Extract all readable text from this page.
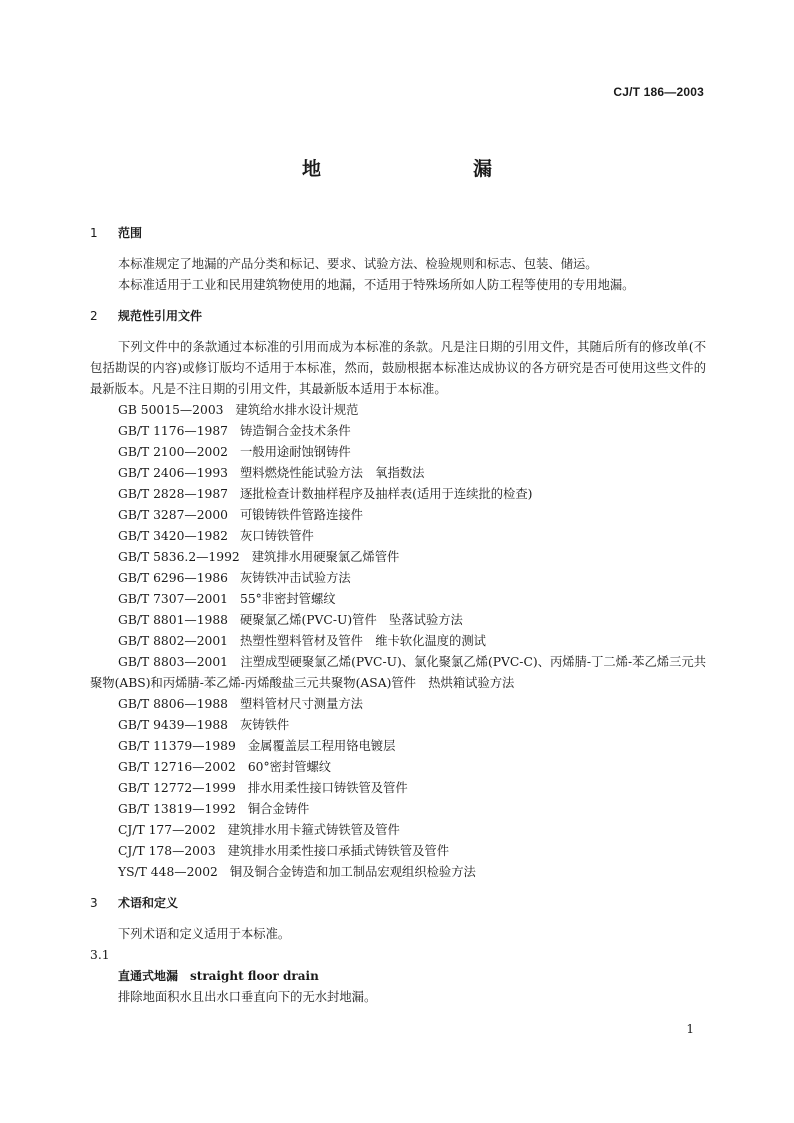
CJ/T 186—2003
地　　漏
1 范围

本标准规定了地漏的产品分类和标记、要求、试验方法、检验规则和标志、包装、储运。

本标准适用于工业和民用建筑物使用的地漏，不适用于特殊场所如人防工程等使用的专用地漏。

2 规范性引用文件

下列文件中的条款通过本标准的引用而成为本标准的条款。凡是注日期的引用文件，其随后所有的修改单(不包括勘误的内容)或修订版均不适用于本标准，然而，鼓励根据本标准达成协议的各方研究是否可使用这些文件的最新版本。凡是不注日期的引用文件，其最新版本适用于本标准。

GB 50015—2003 建筑给水排水设计规范

GB/T 1176—1987 铸造铜合金技术条件

GB/T 2100—2002 一般用途耐蚀钢铸件

GB/T 2406—1993 塑料燃烧性能试验方法　氧指数法

GB/T 2828—1987 逐批检查计数抽样程序及抽样表(适用于连续批的检查)

GB/T 3287—2000 可锻铸铁件管路连接件

GB/T 3420—1982 灰口铸铁管件

GB/T 5836.2—1992 建筑排水用硬聚氯乙烯管件

GB/T 6296—1986 灰铸铁冲击试验方法

GB/T 7307—2001 55°非密封管螺纹

GB/T 8801—1988 硬聚氯乙烯(PVC-U)管件　坠落试验方法

GB/T 8802—2001 热塑性塑料管材及管件　维卡软化温度的测试

GB/T 8803—2001　注塑成型硬聚氯乙烯(PVC-U)、氯化聚氯乙烯(PVC-C)、丙烯腈-丁二烯-苯乙烯三元共聚物(ABS)和丙烯腈-苯乙烯-丙烯酸盐三元共聚物(ASA)管件　热烘箱试验方法

GB/T 8806—1988 塑料管材尺寸测量方法

GB/T 9439—1988 灰铸铁件

GB/T 11379—1989 金属覆盖层工程用铬电镀层

GB/T 12716—2002 60°密封管螺纹

GB/T 12772—1999 排水用柔性接口铸铁管及管件

GB/T 13819—1992 铜合金铸件

CJ/T 177—2002 建筑排水用卡箍式铸铁管及管件

CJ/T 178—2003 建筑排水用柔性接口承插式铸铁管及管件

YS/T 448—2002 铜及铜合金铸造和加工制品宏观组织检验方法

3 术语和定义

下列术语和定义适用于本标准。

3.1

直通式地漏 straight floor drain

排除地面积水且出水口垂直向下的无水封地漏。

1
